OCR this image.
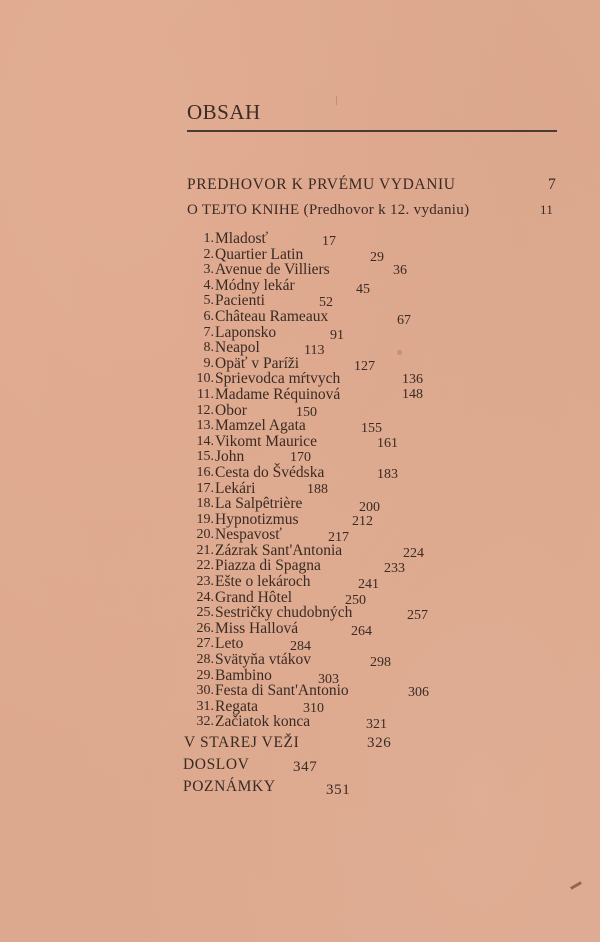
OBSAH
PREDHOVOR K PRVÉMU VYDANIU	7
O TEJTO KNIHE (Predhovor k 12. vydaniu)	11
1. Mladosť	17
2. Quartier Latin	29
3. Avenue de Villiers	36
4. Módny lekár	45
5. Pacienti	52
6. Château Rameaux	67
7. Laponsko	91
8. Neapol	113
9. Opäť v Paríži	127
10. Sprievodca mŕtvych	136
11. Madame Réquinová	148
12. Obor	150
13. Mamzel Agata	155
14. Vikomt Maurice	161
15. John	170
16. Cesta do Švédska	183
17. Lekári	188
18. La Salpêtrière	200
19. Hypnotizmus	212
20. Nespavosť	217
21. Zázrak Sant'Antonia	224
22. Piazza di Spagna	233
23. Ešte o lekároch	241
24. Grand Hôtel	250
25. Sestričky chudobných	257
26. Miss Hallová	264
27. Leto	284
28. Svätyňa vtákov	298
29. Bambino	303
30. Festa di Sant'Antonio	306
31. Regata	310
32. Začiatok konca	321
V STAREJ VEŽI	326
DOSLOV	347
POZNÁMKY	351
